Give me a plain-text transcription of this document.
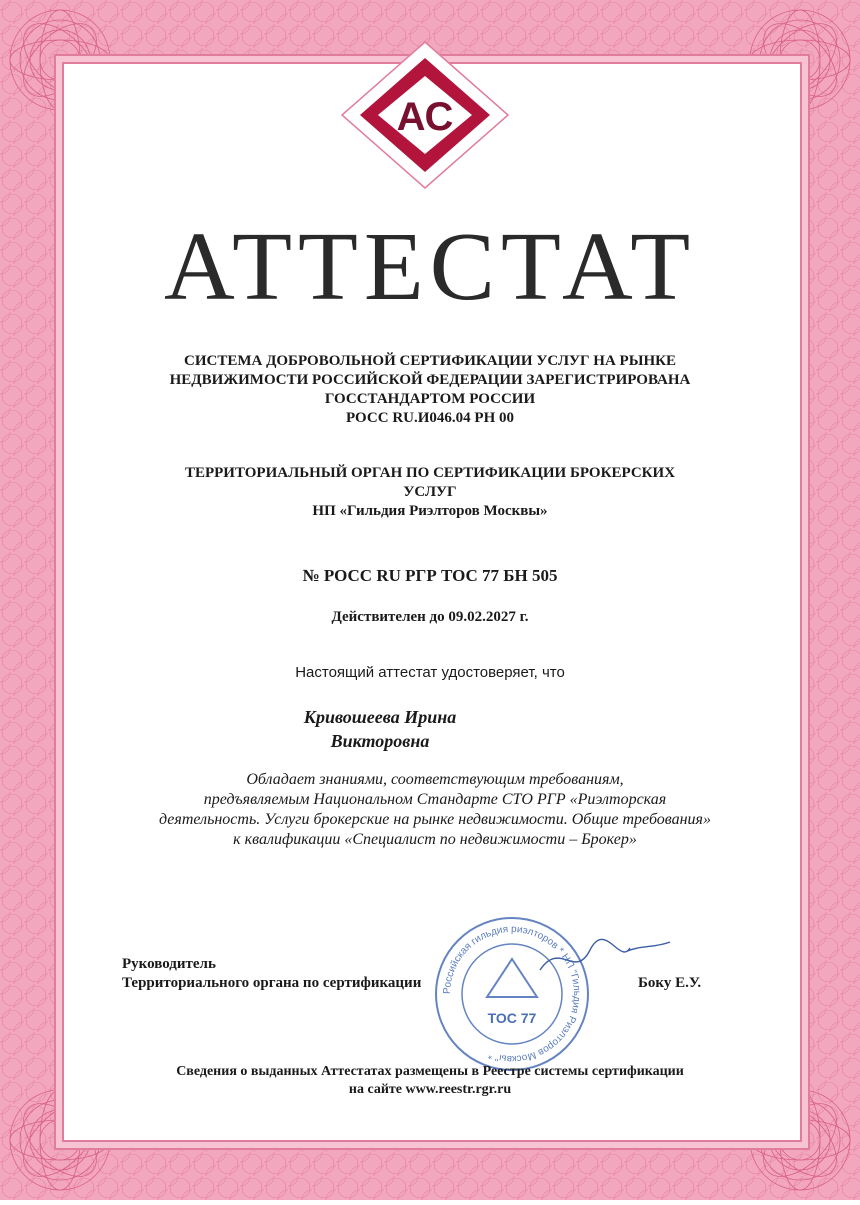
АС
АТТЕСТАТ
СИСТЕМА ДОБРОВОЛЬНОЙ СЕРТИФИКАЦИИ УСЛУГ НА РЫНКЕ
НЕДВИЖИМОСТИ РОССИЙСКОЙ ФЕДЕРАЦИИ ЗАРЕГИСТРИРОВАНА
ГОССТАНДАРТОМ РОССИИ
РОСС RU.И046.04 РН 00
ТЕРРИТОРИАЛЬНЫЙ ОРГАН ПО СЕРТИФИКАЦИИ БРОКЕРСКИХ
УСЛУГ
НП «Гильдия Риэлторов Москвы»
№ РОСС RU РГР ТОС 77 БН 505
Действителен до 09.02.2027 г.
Настоящий аттестат удостоверяет, что
Кривошеева Ирина
Викторовна
Обладает знаниями, соответствующим требованиям,
предъявляемым Национальном Стандарте СТО РГР «Риэлторская
деятельность. Услуги брокерские на рынке недвижимости. Общие требования»
к квалификации «Специалист по недвижимости – Брокер»
Руководитель
Территориального органа по сертификации	Боку Е.У.
Российская гильдия риэлторов * НП "Гильдия Риэлторов Москвы" *
ТОС 77
Сведения о выданных Аттестатах размещены в Реестре системы сертификации
на сайте www.reestr.rgr.ru
